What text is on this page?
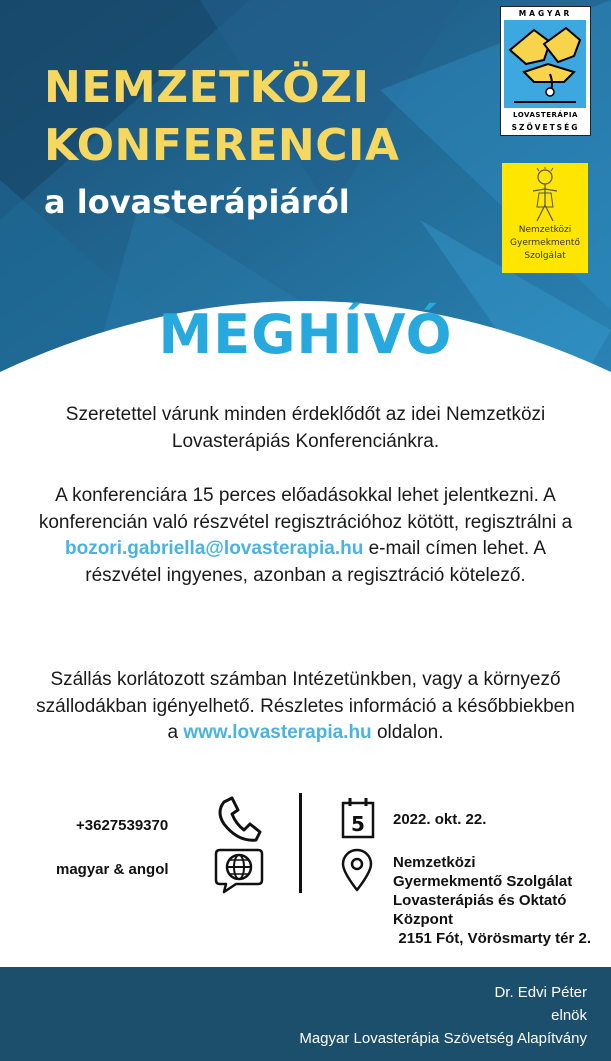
NEMZETKÖZI
KONFERENCIA
a lovasterápiáról
MAGYAR
LOVASTERÁPIA
SZÖVETSÉG
Nemzetközi
Gyermekmentő
Szolgálat
MEGHÍVÓ

Szeretettel várunk minden érdeklődőt az idei Nemzetközi Lovasterápiás Konferenciánkra.

A konferenciára 15 perces előadásokkal lehet jelentkezni. A konferencián való részvétel regisztrációhoz kötött, regisztrálni a bozori.gabriella@lovasterapia.hu e-mail címen lehet. A részvétel ingyenes, azonban a regisztráció kötelező.

Szállás korlátozott számban Intézetünkben, vagy a környező szállodákban igényelhető. Részletes információ a későbbiekben a www.lovasterapia.hu oldalon.

+3627539370

magyar & angol

5 2022. okt. 22.

Nemzetközi
Gyermekmentő Szolgálat
Lovasterápiás és Oktató
Központ
2151 Fót, Vörösmarty tér 2.

Dr. Edvi Péter

elnök

Magyar Lovasterápia Szövetség Alapítvány
